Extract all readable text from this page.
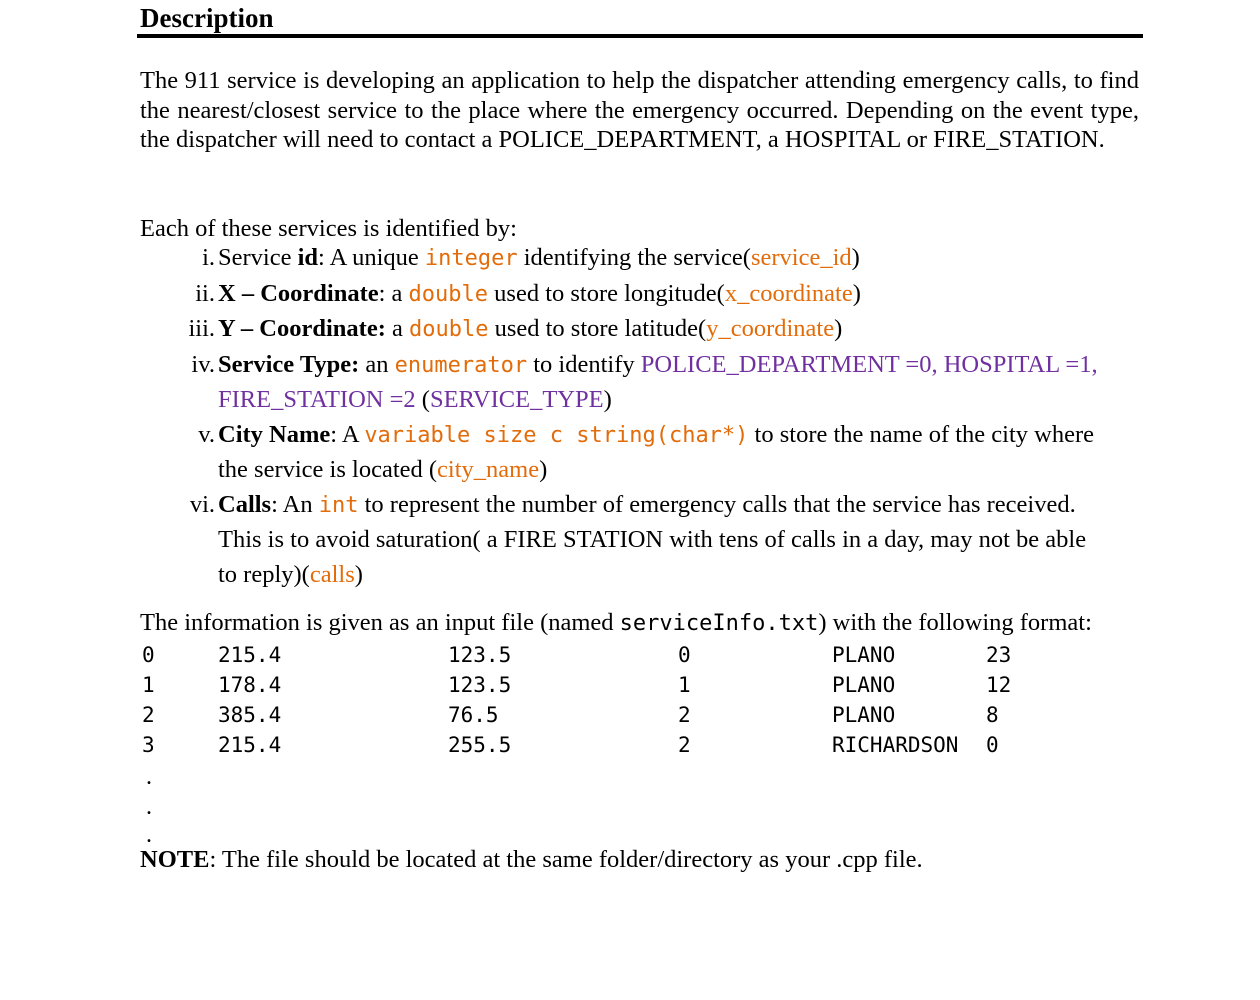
Description
The 911 service is developing an application to help the dispatcher attending emergency calls, to find the nearest/closest service to the place where the emergency occurred. Depending on the event type, the dispatcher will need to contact a POLICE_DEPARTMENT, a HOSPITAL or FIRE_STATION.
Each of these services is identified by:
i. Service id: A unique integer identifying the service(service_id)
ii. X – Coordinate: a double used to store longitude(x_coordinate)
iii. Y – Coordinate: a double used to store latitude(y_coordinate)
iv. Service Type: an enumerator to identify POLICE_DEPARTMENT =0, HOSPITAL =1,
FIRE_STATION =2 (SERVICE_TYPE)
v. City Name: A variable size c string(char*) to store the name of the city where
the service is located (city_name)
vi. Calls: An int to represent the number of emergency calls that the service has received.
This is to avoid saturation( a FIRE STATION with tens of calls in a day, may not be able
to reply)(calls)
The information is given as an input file (named serviceInfo.txt) with the following format:
0	215.4	123.5	0	PLANO	23
1	178.4	123.5	1	PLANO	12
2	385.4	76.5	2	PLANO	8
3	215.4	255.5	2	RICHARDSON 0
.
.
.
NOTE: The file should be located at the same folder/directory as your .cpp file.
